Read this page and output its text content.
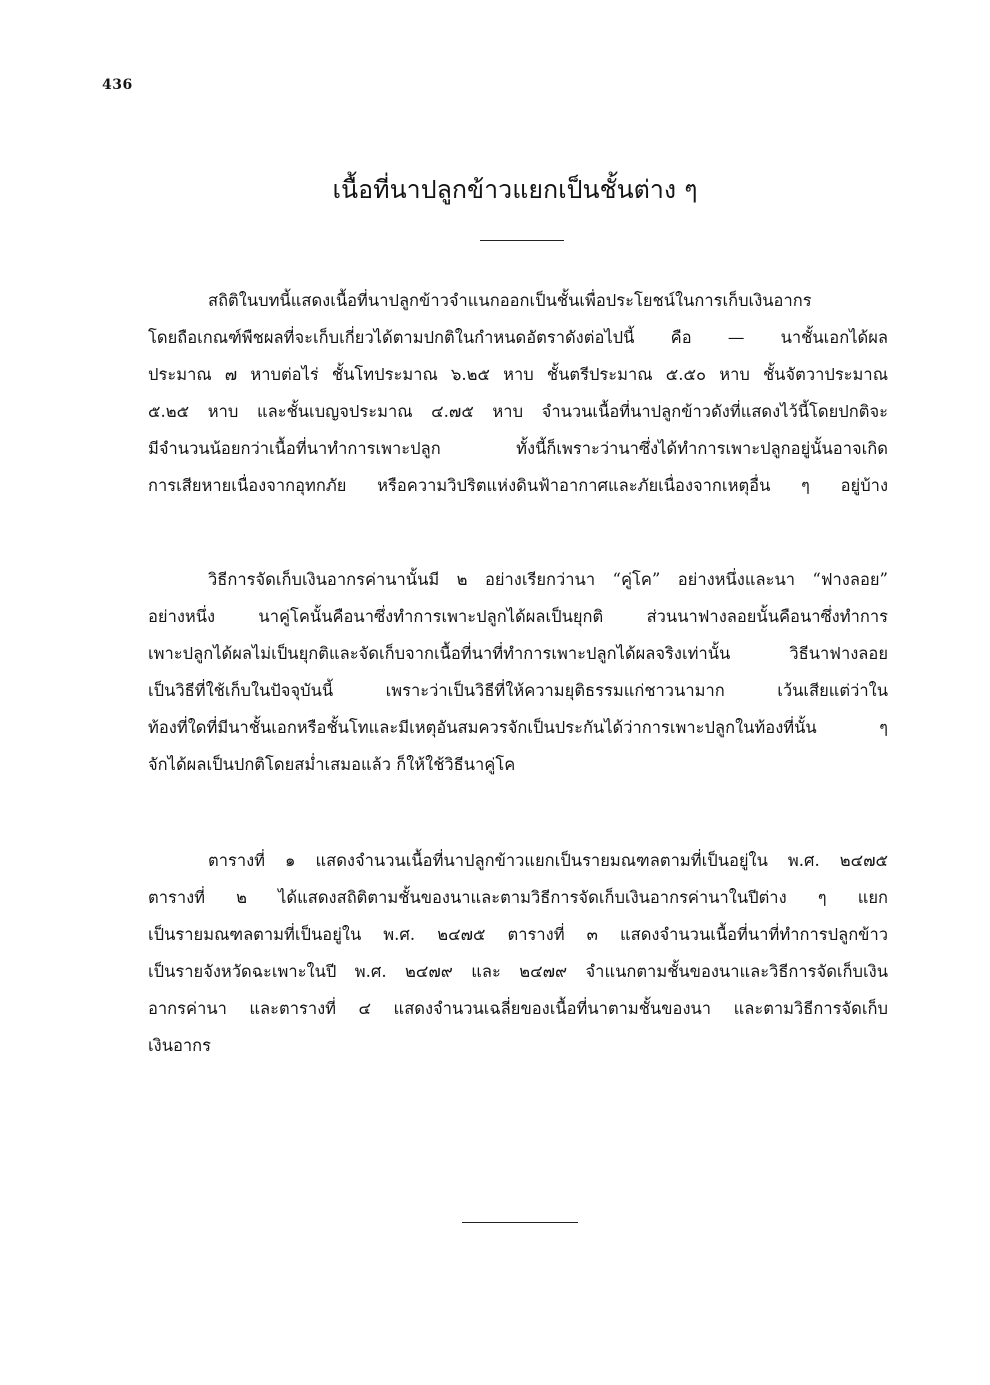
436
เนื้อที่นาปลูกข้าวแยกเป็นชั้นต่าง ๆ
สถิติในบทนี้แสดงเนื้อที่นาปลูกข้าวจำแนกออกเป็นชั้นเพื่อประโยชน์ในการเก็บเงินอากร
โดยถือเกณฑ์พืชผลที่จะเก็บเกี่ยวได้ตามปกติในกำหนดอัตราดังต่อไปนี้ คือ — นาชั้นเอกได้ผล
ประมาณ ๗ หาบต่อไร่ ชั้นโทประมาณ ๖.๒๕ หาบ ชั้นตรีประมาณ ๕.๕๐ หาบ ชั้นจัตวาประมาณ
๕.๒๕ หาบ และชั้นเบญจประมาณ ๔.๗๕ หาบ จำนวนเนื้อที่นาปลูกข้าวดังที่แสดงไว้นี้โดยปกติจะ
มีจำนวนน้อยกว่าเนื้อที่นาทำการเพาะปลูก ทั้งนี้ก็เพราะว่านาซึ่งได้ทำการเพาะปลูกอยู่นั้นอาจเกิด
การเสียหายเนื่องจากอุทกภัย หรือความวิปริตแห่งดินฟ้าอากาศและภัยเนื่องจากเหตุอื่น ๆ อยู่บ้าง
วิธีการจัดเก็บเงินอากรค่านานั้นมี ๒ อย่างเรียกว่านา “คู่โค” อย่างหนึ่งและนา “ฟางลอย”
อย่างหนึ่ง นาคู่โคนั้นคือนาซึ่งทำการเพาะปลูกได้ผลเป็นยุกติ ส่วนนาฟางลอยนั้นคือนาซึ่งทำการ
เพาะปลูกได้ผลไม่เป็นยุกติและจัดเก็บจากเนื้อที่นาที่ทำการเพาะปลูกได้ผลจริงเท่านั้น วิธีนาฟางลอย
เป็นวิธีที่ใช้เก็บในปัจจุบันนี้ เพราะว่าเป็นวิธีที่ให้ความยุติธรรมแก่ชาวนามาก เว้นเสียแต่ว่าใน
ท้องที่ใดที่มีนาชั้นเอกหรือชั้นโทและมีเหตุอันสมควรจักเป็นประกันได้ว่าการเพาะปลูกในท้องที่นั้น ๆ
จักได้ผลเป็นปกติโดยสม่ำเสมอแล้ว ก็ให้ใช้วิธีนาคู่โค
ตารางที่ ๑ แสดงจำนวนเนื้อที่นาปลูกข้าวแยกเป็นรายมณฑลตามที่เป็นอยู่ใน พ.ศ. ๒๔๗๕
ตารางที่ ๒ ได้แสดงสถิติตามชั้นของนาและตามวิธีการจัดเก็บเงินอากรค่านาในปีต่าง ๆ แยก
เป็นรายมณฑลตามที่เป็นอยู่ใน พ.ศ. ๒๔๗๕ ตารางที่ ๓ แสดงจำนวนเนื้อที่นาที่ทำการปลูกข้าว
เป็นรายจังหวัดฉะเพาะในปี พ.ศ. ๒๔๗๙ และ ๒๔๗๙ จำแนกตามชั้นของนาและวิธีการจัดเก็บเงิน
อากรค่านา และตารางที่ ๔ แสดงจำนวนเฉลี่ยของเนื้อที่นาตามชั้นของนา และตามวิธีการจัดเก็บ
เงินอากร
